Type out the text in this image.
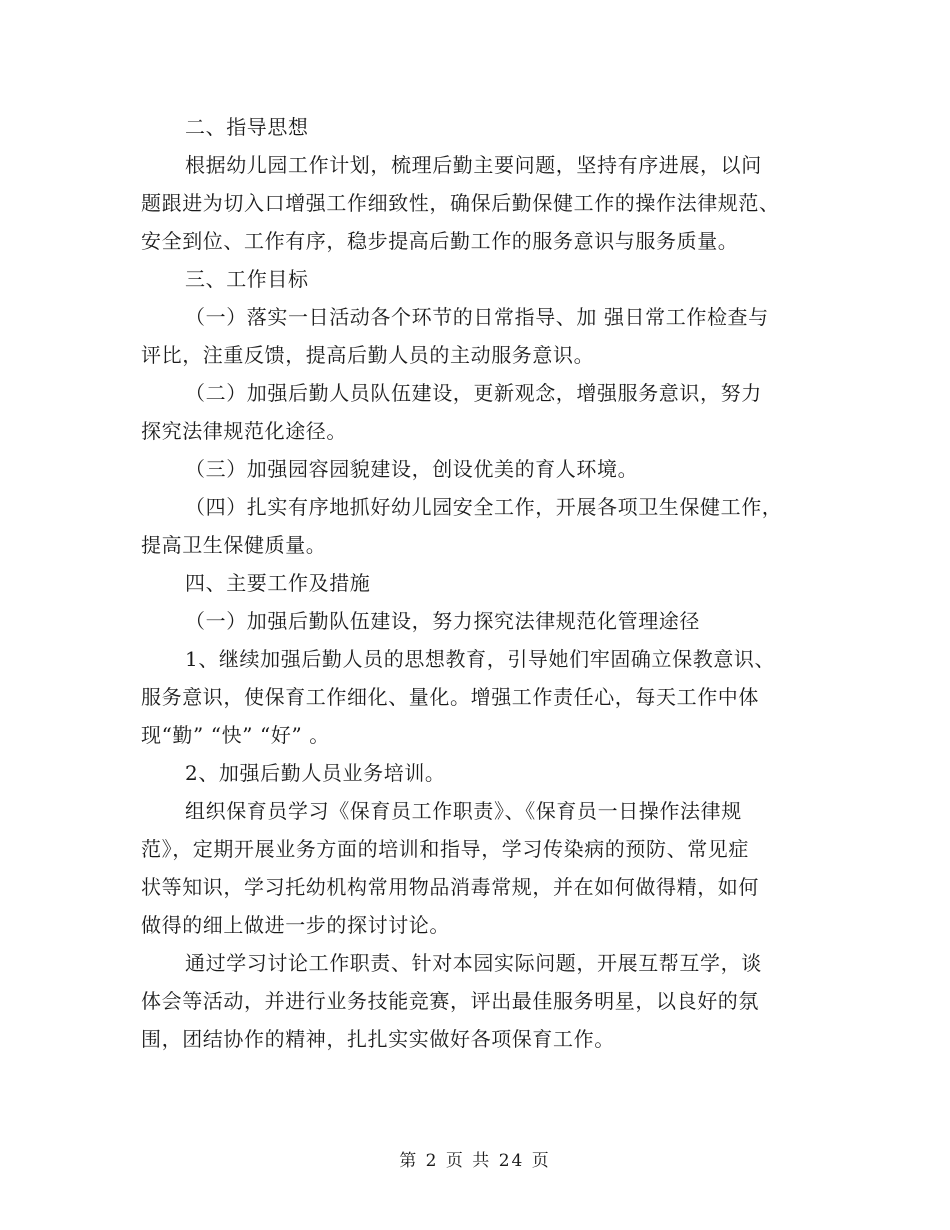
二、指导思想
根据幼儿园工作计划，梳理后勤主要问题，坚持有序进展，以问
题跟进为切入口增强工作细致性，确保后勤保健工作的操作法律规范、
安全到位、工作有序，稳步提高后勤工作的服务意识与服务质量。
三、工作目标
（一）落实一日活动各个环节的日常指导、加 强日常工作检查与
评比，注重反馈，提高后勤人员的主动服务意识。
（二）加强后勤人员队伍建设，更新观念，增强服务意识，努力
探究法律规范化途径。
（三）加强园容园貌建设，创设优美的育人环境。
（四）扎实有序地抓好幼儿园安全工作，开展各项卫生保健工作，
提高卫生保健质量。
四、主要工作及措施
（一）加强后勤队伍建设，努力探究法律规范化管理途径
1、继续加强后勤人员的思想教育，引导她们牢固确立保教意识、
服务意识，使保育工作细化、量化。增强工作责任心，每天工作中体
现“勤” “快” “好” 。
2、加强后勤人员业务培训。
组织保育员学习《保育员工作职责》、《保育员一日操作法律规
范》，定期开展业务方面的培训和指导，学习传染病的预防、常见症
状等知识，学习托幼机构常用物品消毒常规，并在如何做得精，如何
做得的细上做进一步的探讨讨论。
通过学习讨论工作职责、针对本园实际问题，开展互帮互学，谈
体会等活动，并进行业务技能竞赛，评出最佳服务明星，以良好的氛
围，团结协作的精神，扎扎实实做好各项保育工作。
第 2 页 共 24 页
